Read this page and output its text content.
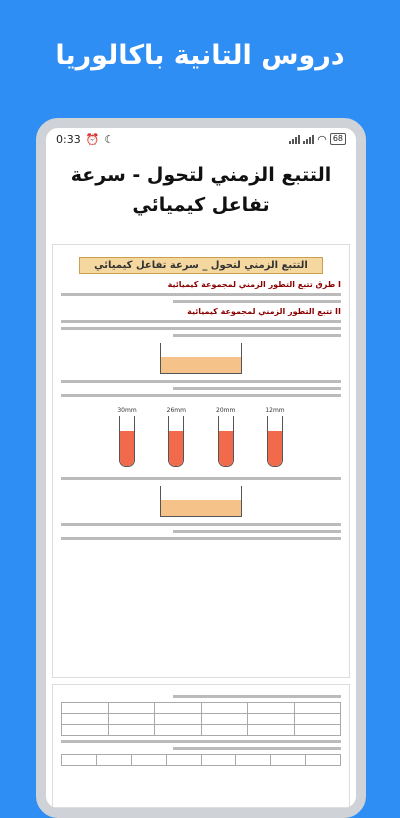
دروس التانية باكالوريا
0:33 ⏰ ☾	◠ 68
التتبع الزمني لتحول - سرعة تفاعل كيميائي
التتبع الزمني لتحول _ سرعة تفاعل كيميائي
I طرق تتبع التطور الزمني لمجموعة كيميائية
II تتبع التطور الزمني لمجموعة كيميائية
12mm
20mm
26mm
30mm
